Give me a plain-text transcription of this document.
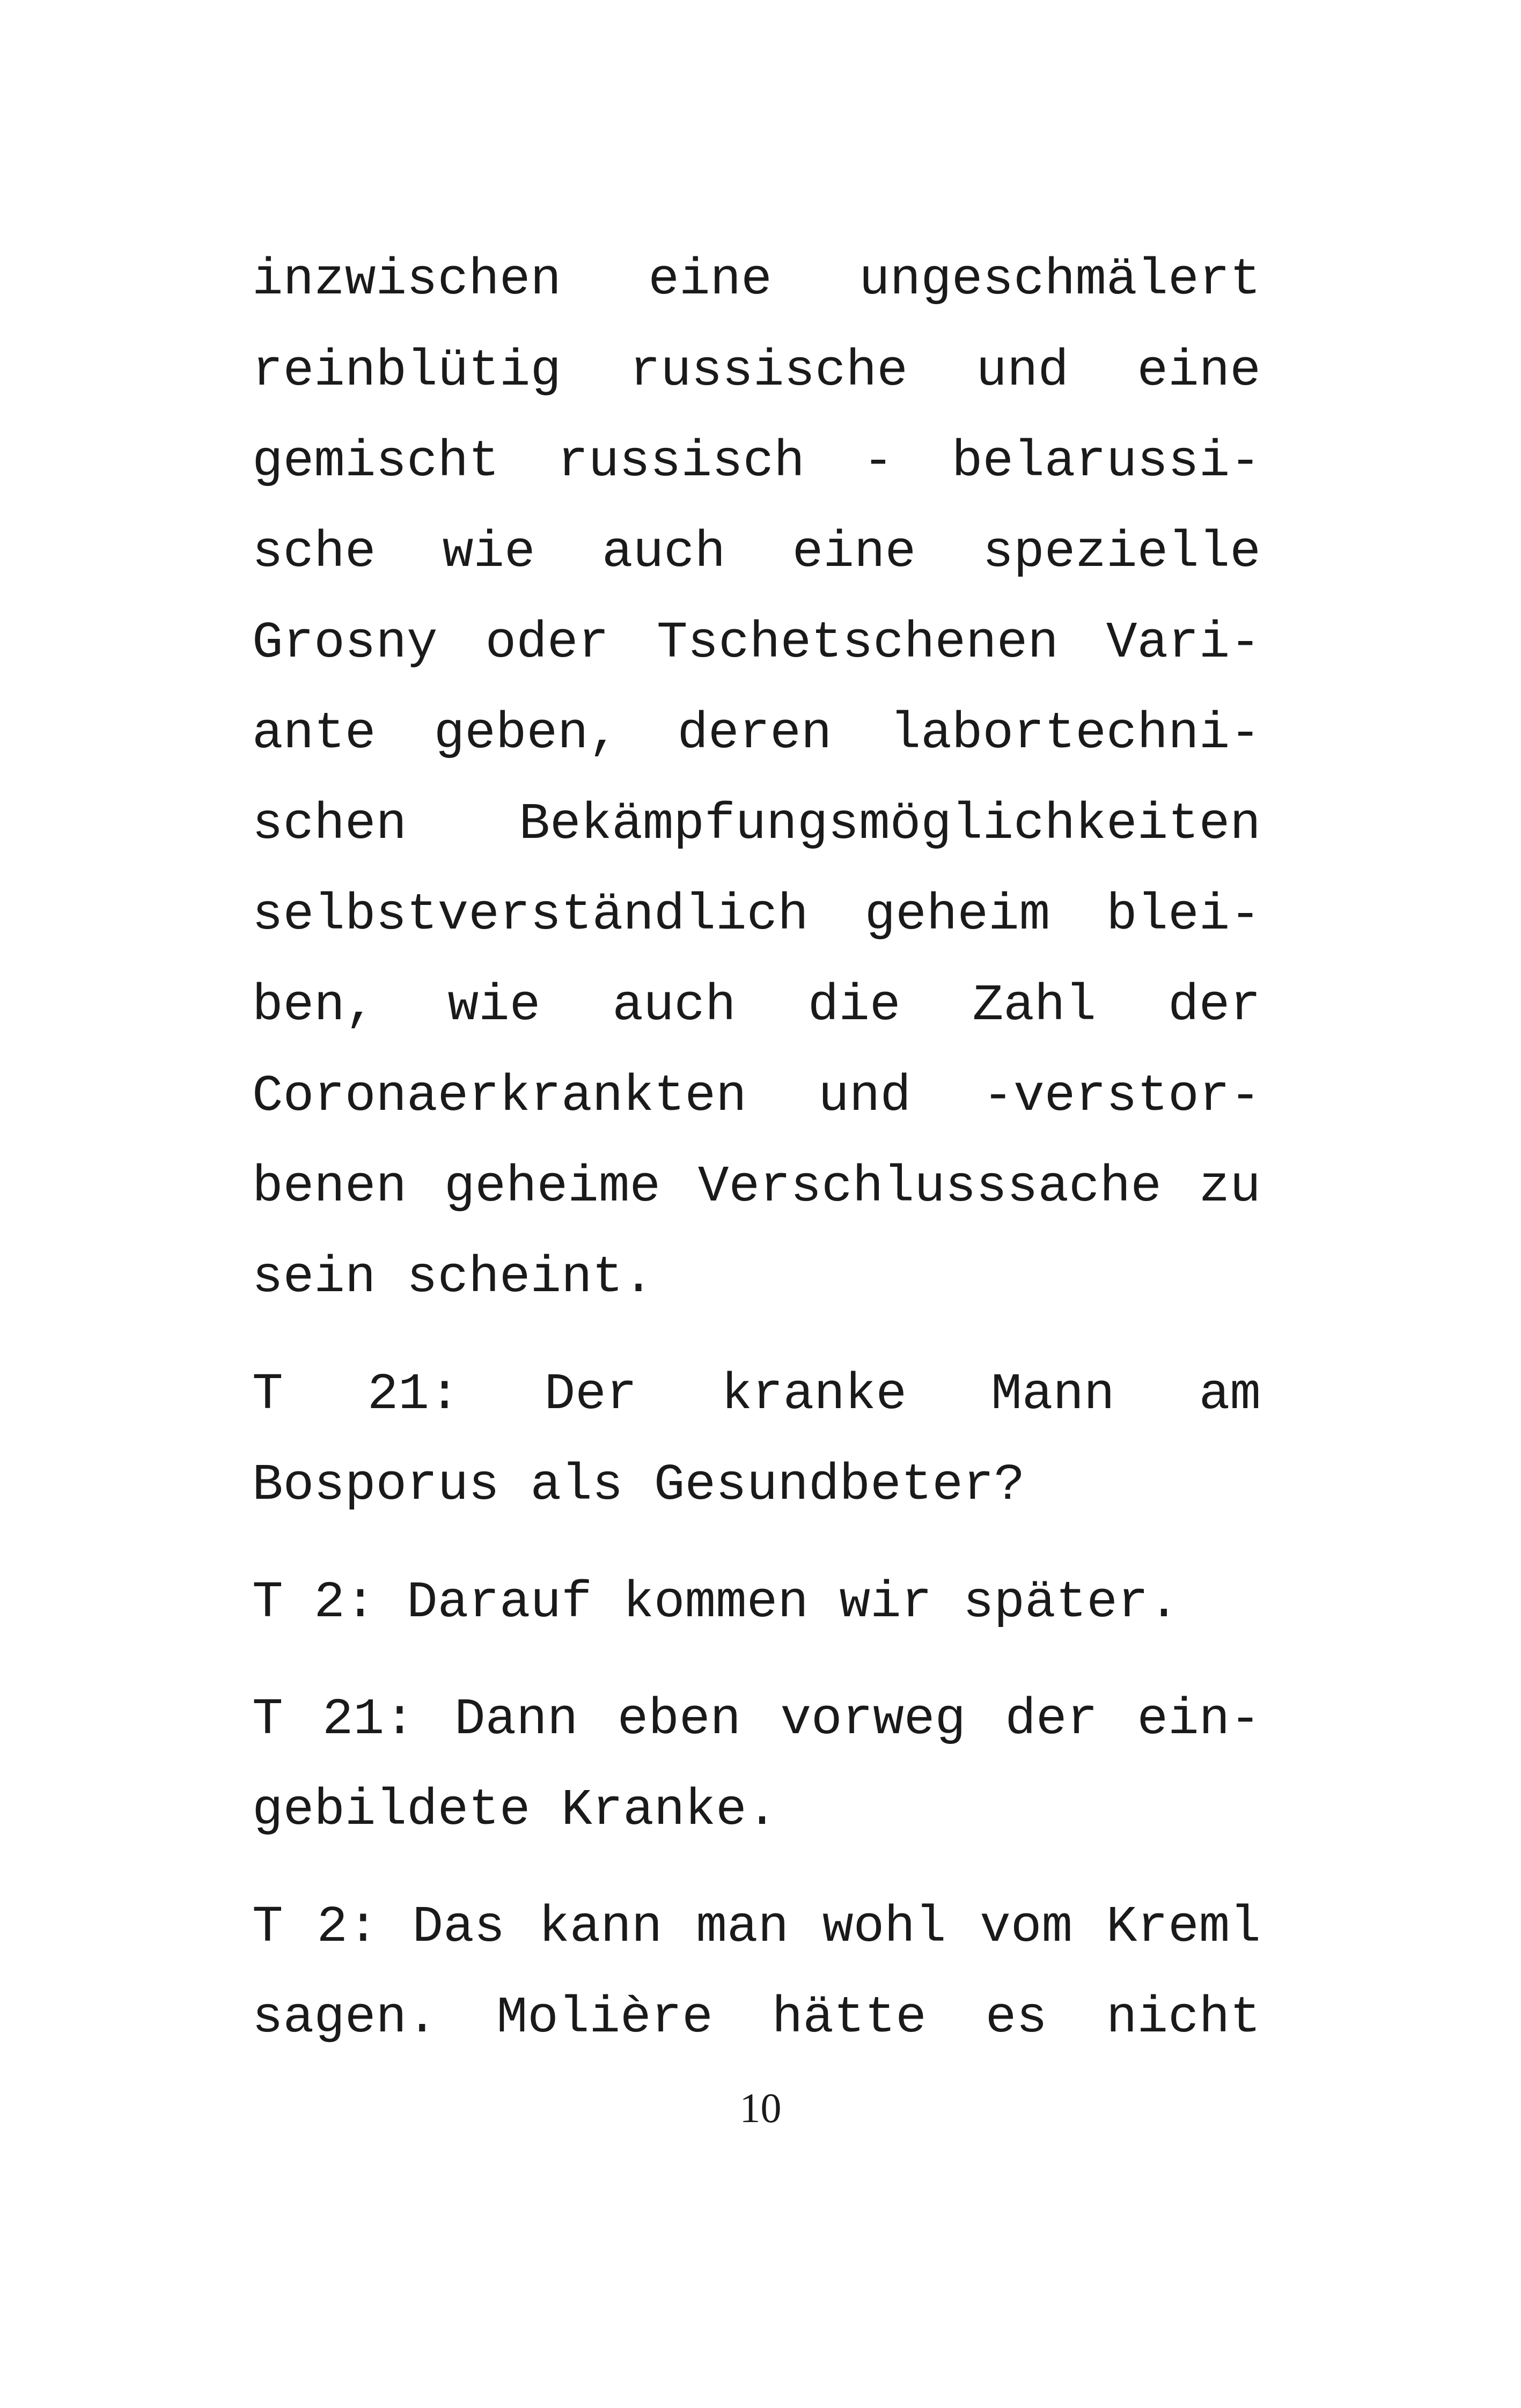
inzwischen eine ungeschmälert
reinblütig russische und eine
gemischt russisch - belarussi-
sche wie auch eine spezielle
Grosny oder Tschetschenen Vari-
ante geben, deren labortechni-
schen Bekämpfungsmöglichkeiten
selbstverständlich geheim blei-
ben, wie auch die Zahl der
Coronaerkrankten und -verstor-
benen geheime Verschlusssache zu
sein scheint.
T 21: Der kranke Mann am
Bosporus als Gesundbeter?
T 2: Darauf kommen wir später.
T 21: Dann eben vorweg der ein-
gebildete Kranke.
T 2: Das kann man wohl vom Kreml
sagen. Molière hätte es nicht
10
